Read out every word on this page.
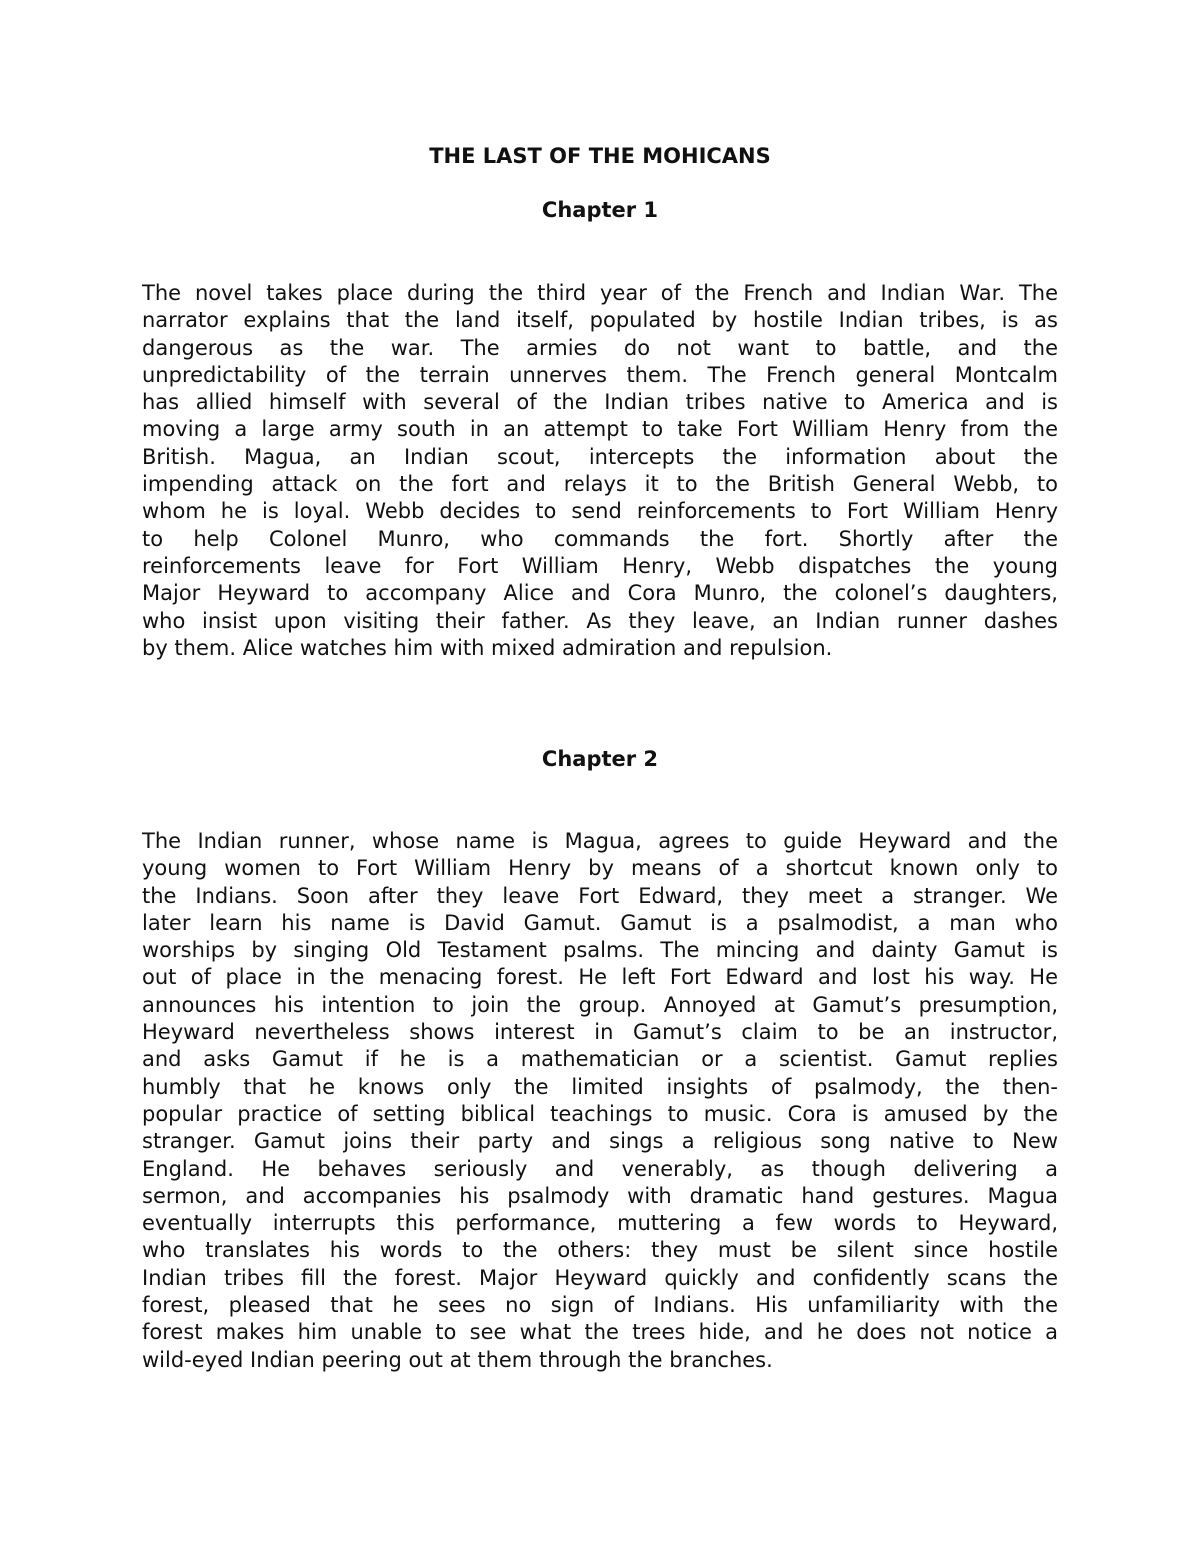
THE LAST OF THE MOHICANS
Chapter 1
The novel takes place during the third year of the French and Indian War. The
narrator explains that the land itself, populated by hostile Indian tribes, is as
dangerous as the war. The armies do not want to battle, and the
unpredictability of the terrain unnerves them. The French general Montcalm
has allied himself with several of the Indian tribes native to America and is
moving a large army south in an attempt to take Fort William Henry from the
British. Magua, an Indian scout, intercepts the information about the
impending attack on the fort and relays it to the British General Webb, to
whom he is loyal. Webb decides to send reinforcements to Fort William Henry
to help Colonel Munro, who commands the fort. Shortly after the
reinforcements leave for Fort William Henry, Webb dispatches the young
Major Heyward to accompany Alice and Cora Munro, the colonel’s daughters,
who insist upon visiting their father. As they leave, an Indian runner dashes
by them. Alice watches him with mixed admiration and repulsion.
Chapter 2
The Indian runner, whose name is Magua, agrees to guide Heyward and the
young women to Fort William Henry by means of a shortcut known only to
the Indians. Soon after they leave Fort Edward, they meet a stranger. We
later learn his name is David Gamut. Gamut is a psalmodist, a man who
worships by singing Old Testament psalms. The mincing and dainty Gamut is
out of place in the menacing forest. He left Fort Edward and lost his way. He
announces his intention to join the group. Annoyed at Gamut’s presumption,
Heyward nevertheless shows interest in Gamut’s claim to be an instructor,
and asks Gamut if he is a mathematician or a scientist. Gamut replies
humbly that he knows only the limited insights of psalmody, the then-
popular practice of setting biblical teachings to music. Cora is amused by the
stranger. Gamut joins their party and sings a religious song native to New
England. He behaves seriously and venerably, as though delivering a
sermon, and accompanies his psalmody with dramatic hand gestures. Magua
eventually interrupts this performance, muttering a few words to Heyward,
who translates his words to the others: they must be silent since hostile
Indian tribes fill the forest. Major Heyward quickly and confidently scans the
forest, pleased that he sees no sign of Indians. His unfamiliarity with the
forest makes him unable to see what the trees hide, and he does not notice a
wild-eyed Indian peering out at them through the branches.
